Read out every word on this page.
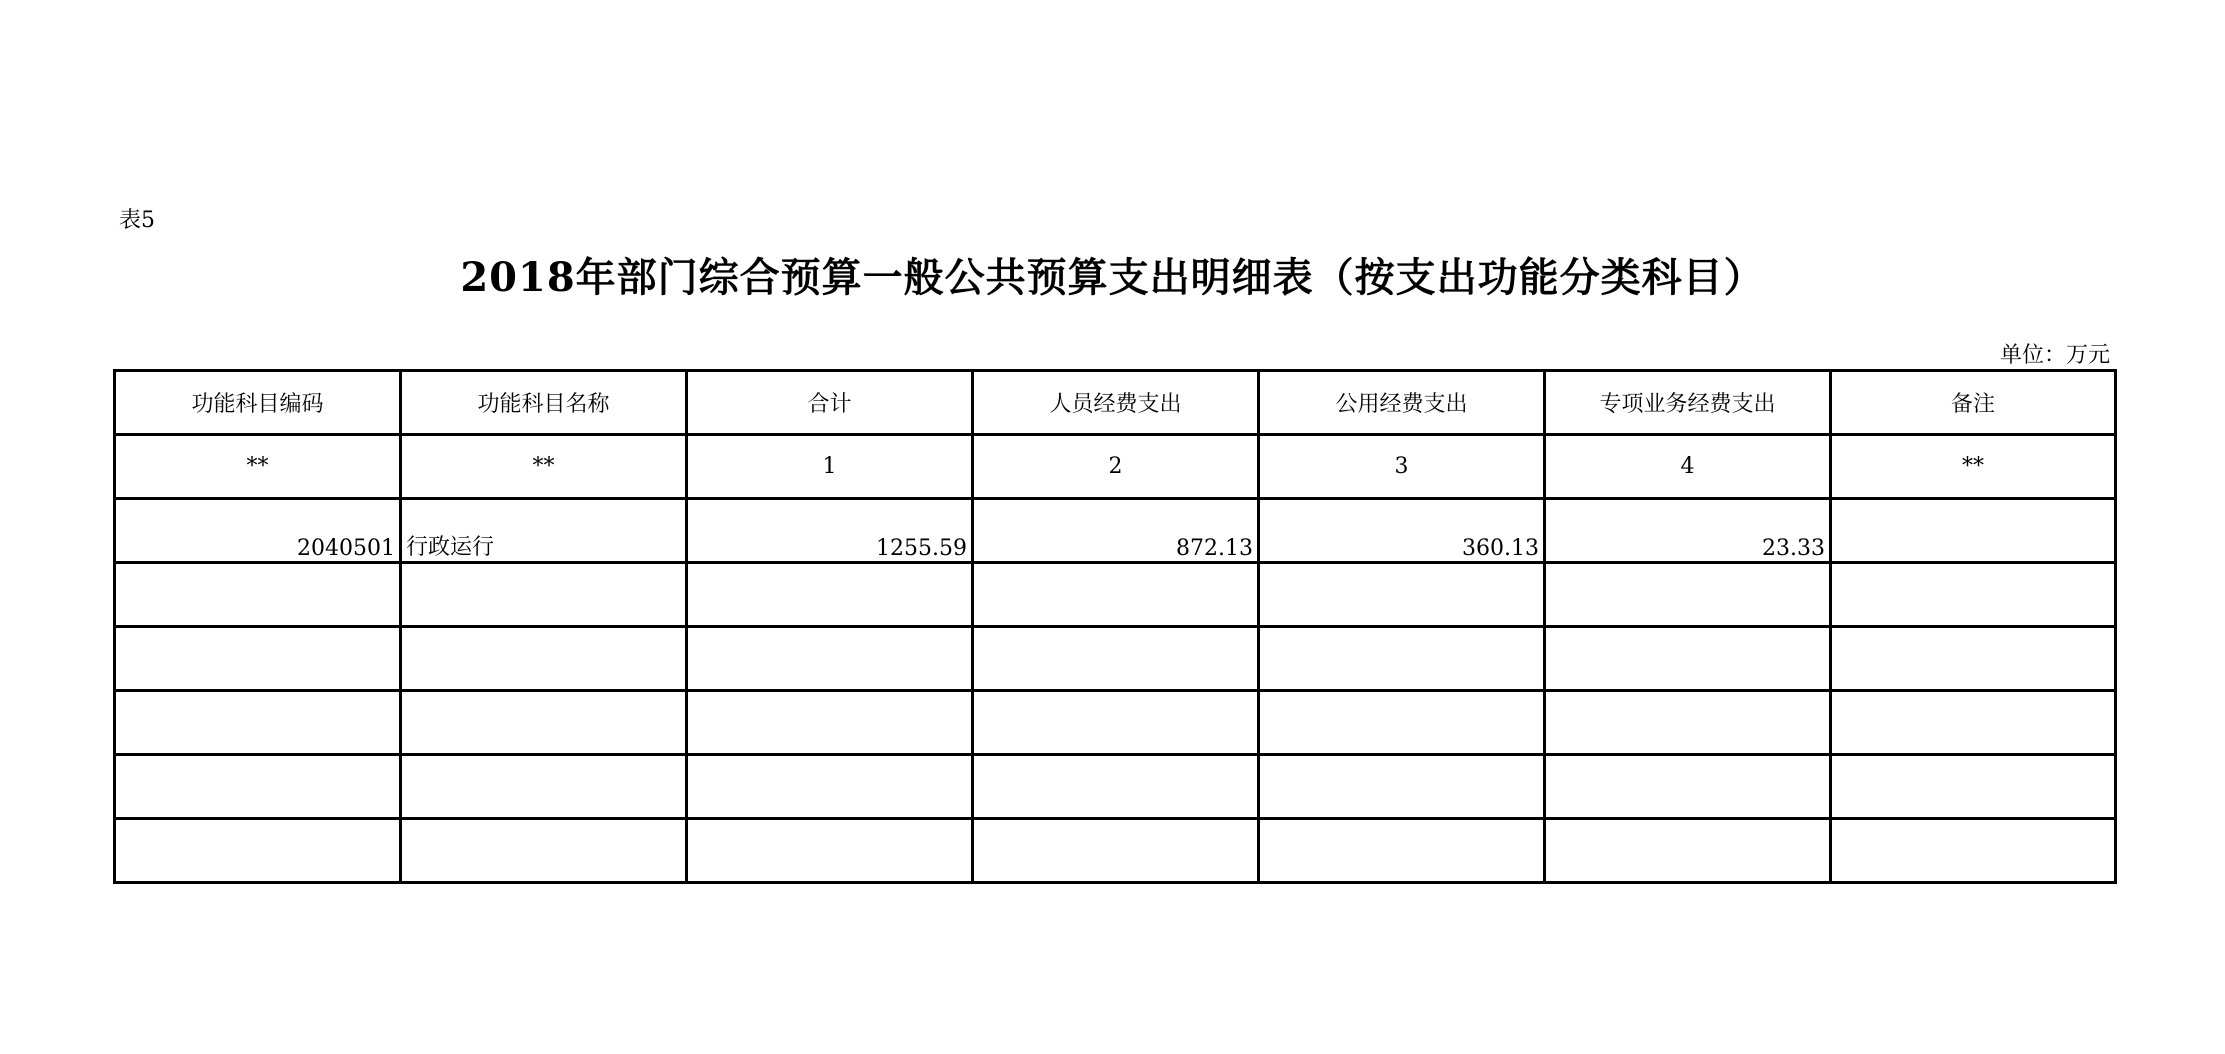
表5
2018年部门综合预算一般公共预算支出明细表（按支出功能分类科目）
单位：万元
功能科目编码	功能科目名称	合计	人员经费支出	公用经费支出	专项业务经费支出	备注
**	**	1	2	3	4	**
2040501	行政运行	1255.59	872.13	360.13	23.33	
